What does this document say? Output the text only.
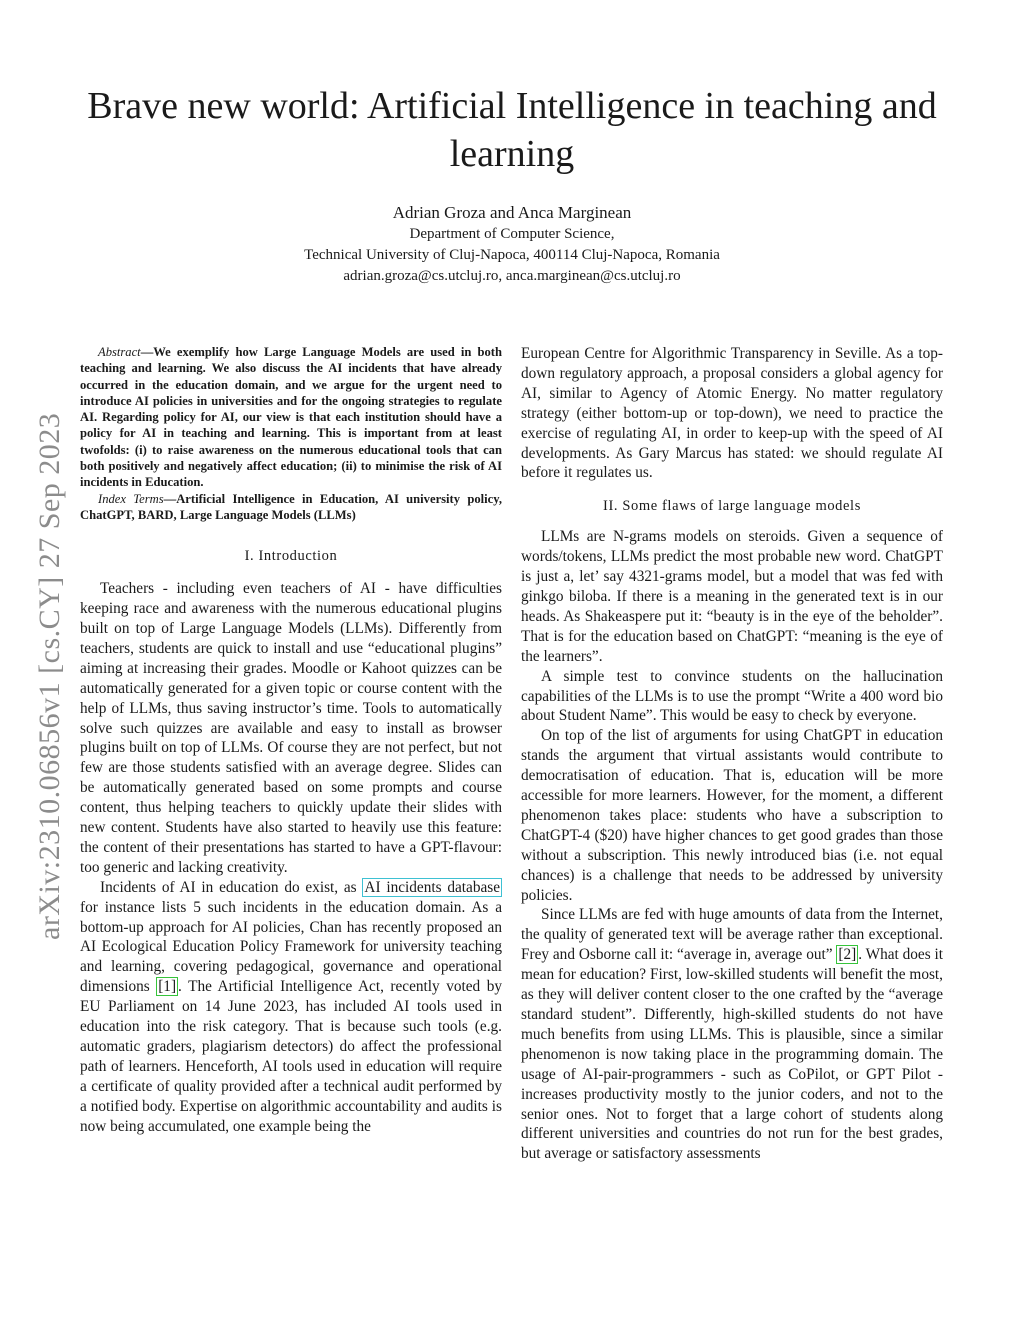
arXiv:2310.06856v1 [cs.CY] 27 Sep 2023
Brave new world: Artificial Intelligence in teaching and learning
Adrian Groza and Anca Marginean
Department of Computer Science,
Technical University of Cluj-Napoca, 400114 Cluj-Napoca, Romania
adrian.groza@cs.utcluj.ro, anca.marginean@cs.utcluj.ro

Abstract—We exemplify how Large Language Models are used in both teaching and learning. We also discuss the AI incidents that have already occurred in the education domain, and we argue for the urgent need to introduce AI policies in universities and for the ongoing strategies to regulate AI. Regarding policy for AI, our view is that each institution should have a policy for AI in teaching and learning. This is important from at least twofolds: (i) to raise awareness on the numerous educational tools that can both positively and negatively affect education; (ii) to minimise the risk of AI incidents in Education.

Index Terms—Artificial Intelligence in Education, AI university policy, ChatGPT, BARD, Large Language Models (LLMs)

I. Introduction

Teachers - including even teachers of AI - have difficulties keeping race and awareness with the numerous educational plugins built on top of Large Language Models (LLMs). Differently from teachers, students are quick to install and use “educational plugins” aiming at increasing their grades. Moodle or Kahoot quizzes can be automatically generated for a given topic or course content with the help of LLMs, thus saving instructor’s time. Tools to automatically solve such quizzes are available and easy to install as browser plugins built on top of LLMs. Of course they are not perfect, but not few are those students satisfied with an average degree. Slides can be automatically generated based on some prompts and course content, thus helping teachers to quickly update their slides with new content. Students have also started to heavily use this feature: the content of their presentations has started to have a GPT-flavour: too generic and lacking creativity.

Incidents of AI in education do exist, as AI incidents database for instance lists 5 such incidents in the education domain. As a bottom-up approach for AI policies, Chan has recently proposed an AI Ecological Education Policy Framework for university teaching and learning, covering pedagogical, governance and operational dimensions [1] . The Artificial Intelligence Act, recently voted by EU Parliament on 14 June 2023, has included AI tools used in education into the risk category. That is because such tools (e.g. automatic graders, plagiarism detectors) do affect the professional path of learners. Henceforth, AI tools used in education will require a certificate of quality provided after a technical audit performed by a notified body. Expertise on algorithmic accountability and audits is now being accumulated, one example being the

European Centre for Algorithmic Transparency in Seville. As a top-down regulatory approach, a proposal considers a global agency for AI, similar to Agency of Atomic Energy. No matter regulatory strategy (either bottom-up or top-down), we need to practice the exercise of regulating AI, in order to keep-up with the speed of AI developments. As Gary Marcus has stated: we should regulate AI before it regulates us.

II. Some flaws of large language models

LLMs are N-grams models on steroids. Given a sequence of words/tokens, LLMs predict the most probable new word. ChatGPT is just a, let’ say 4321-grams model, but a model that was fed with ginkgo biloba. If there is a meaning in the generated text is in our heads. As Shakeaspere put it: “beauty is in the eye of the beholder”. That is for the education based on ChatGPT: “meaning is the eye of the learners”.

A simple test to convince students on the hallucination capabilities of the LLMs is to use the prompt “Write a 400 word bio about Student Name”. This would be easy to check by everyone.

On top of the list of arguments for using ChatGPT in education stands the argument that virtual assistants would contribute to democratisation of education. That is, education will be more accessible for more learners. However, for the moment, a different phenomenon takes place: students who have a subscription to ChatGPT-4 ($20) have higher chances to get good grades than those without a subscription. This newly introduced bias (i.e. not equal chances) is a challenge that needs to be addressed by university policies.

Since LLMs are fed with huge amounts of data from the Internet, the quality of generated text will be average rather than exceptional. Frey and Osborne call it: “average in, average out” [2] . What does it mean for education? First, low-skilled students will benefit the most, as they will deliver content closer to the one crafted by the “average standard student”. Differently, high-skilled students do not have much benefits from using LLMs. This is plausible, since a similar phenomenon is now taking place in the programming domain. The usage of AI-pair-programmers - such as CoPilot, or GPT Pilot - increases productivity mostly to the junior coders, and not to the senior ones. Not to forget that a large cohort of students along different universities and countries do not run for the best grades, but average or satisfactory assessments
